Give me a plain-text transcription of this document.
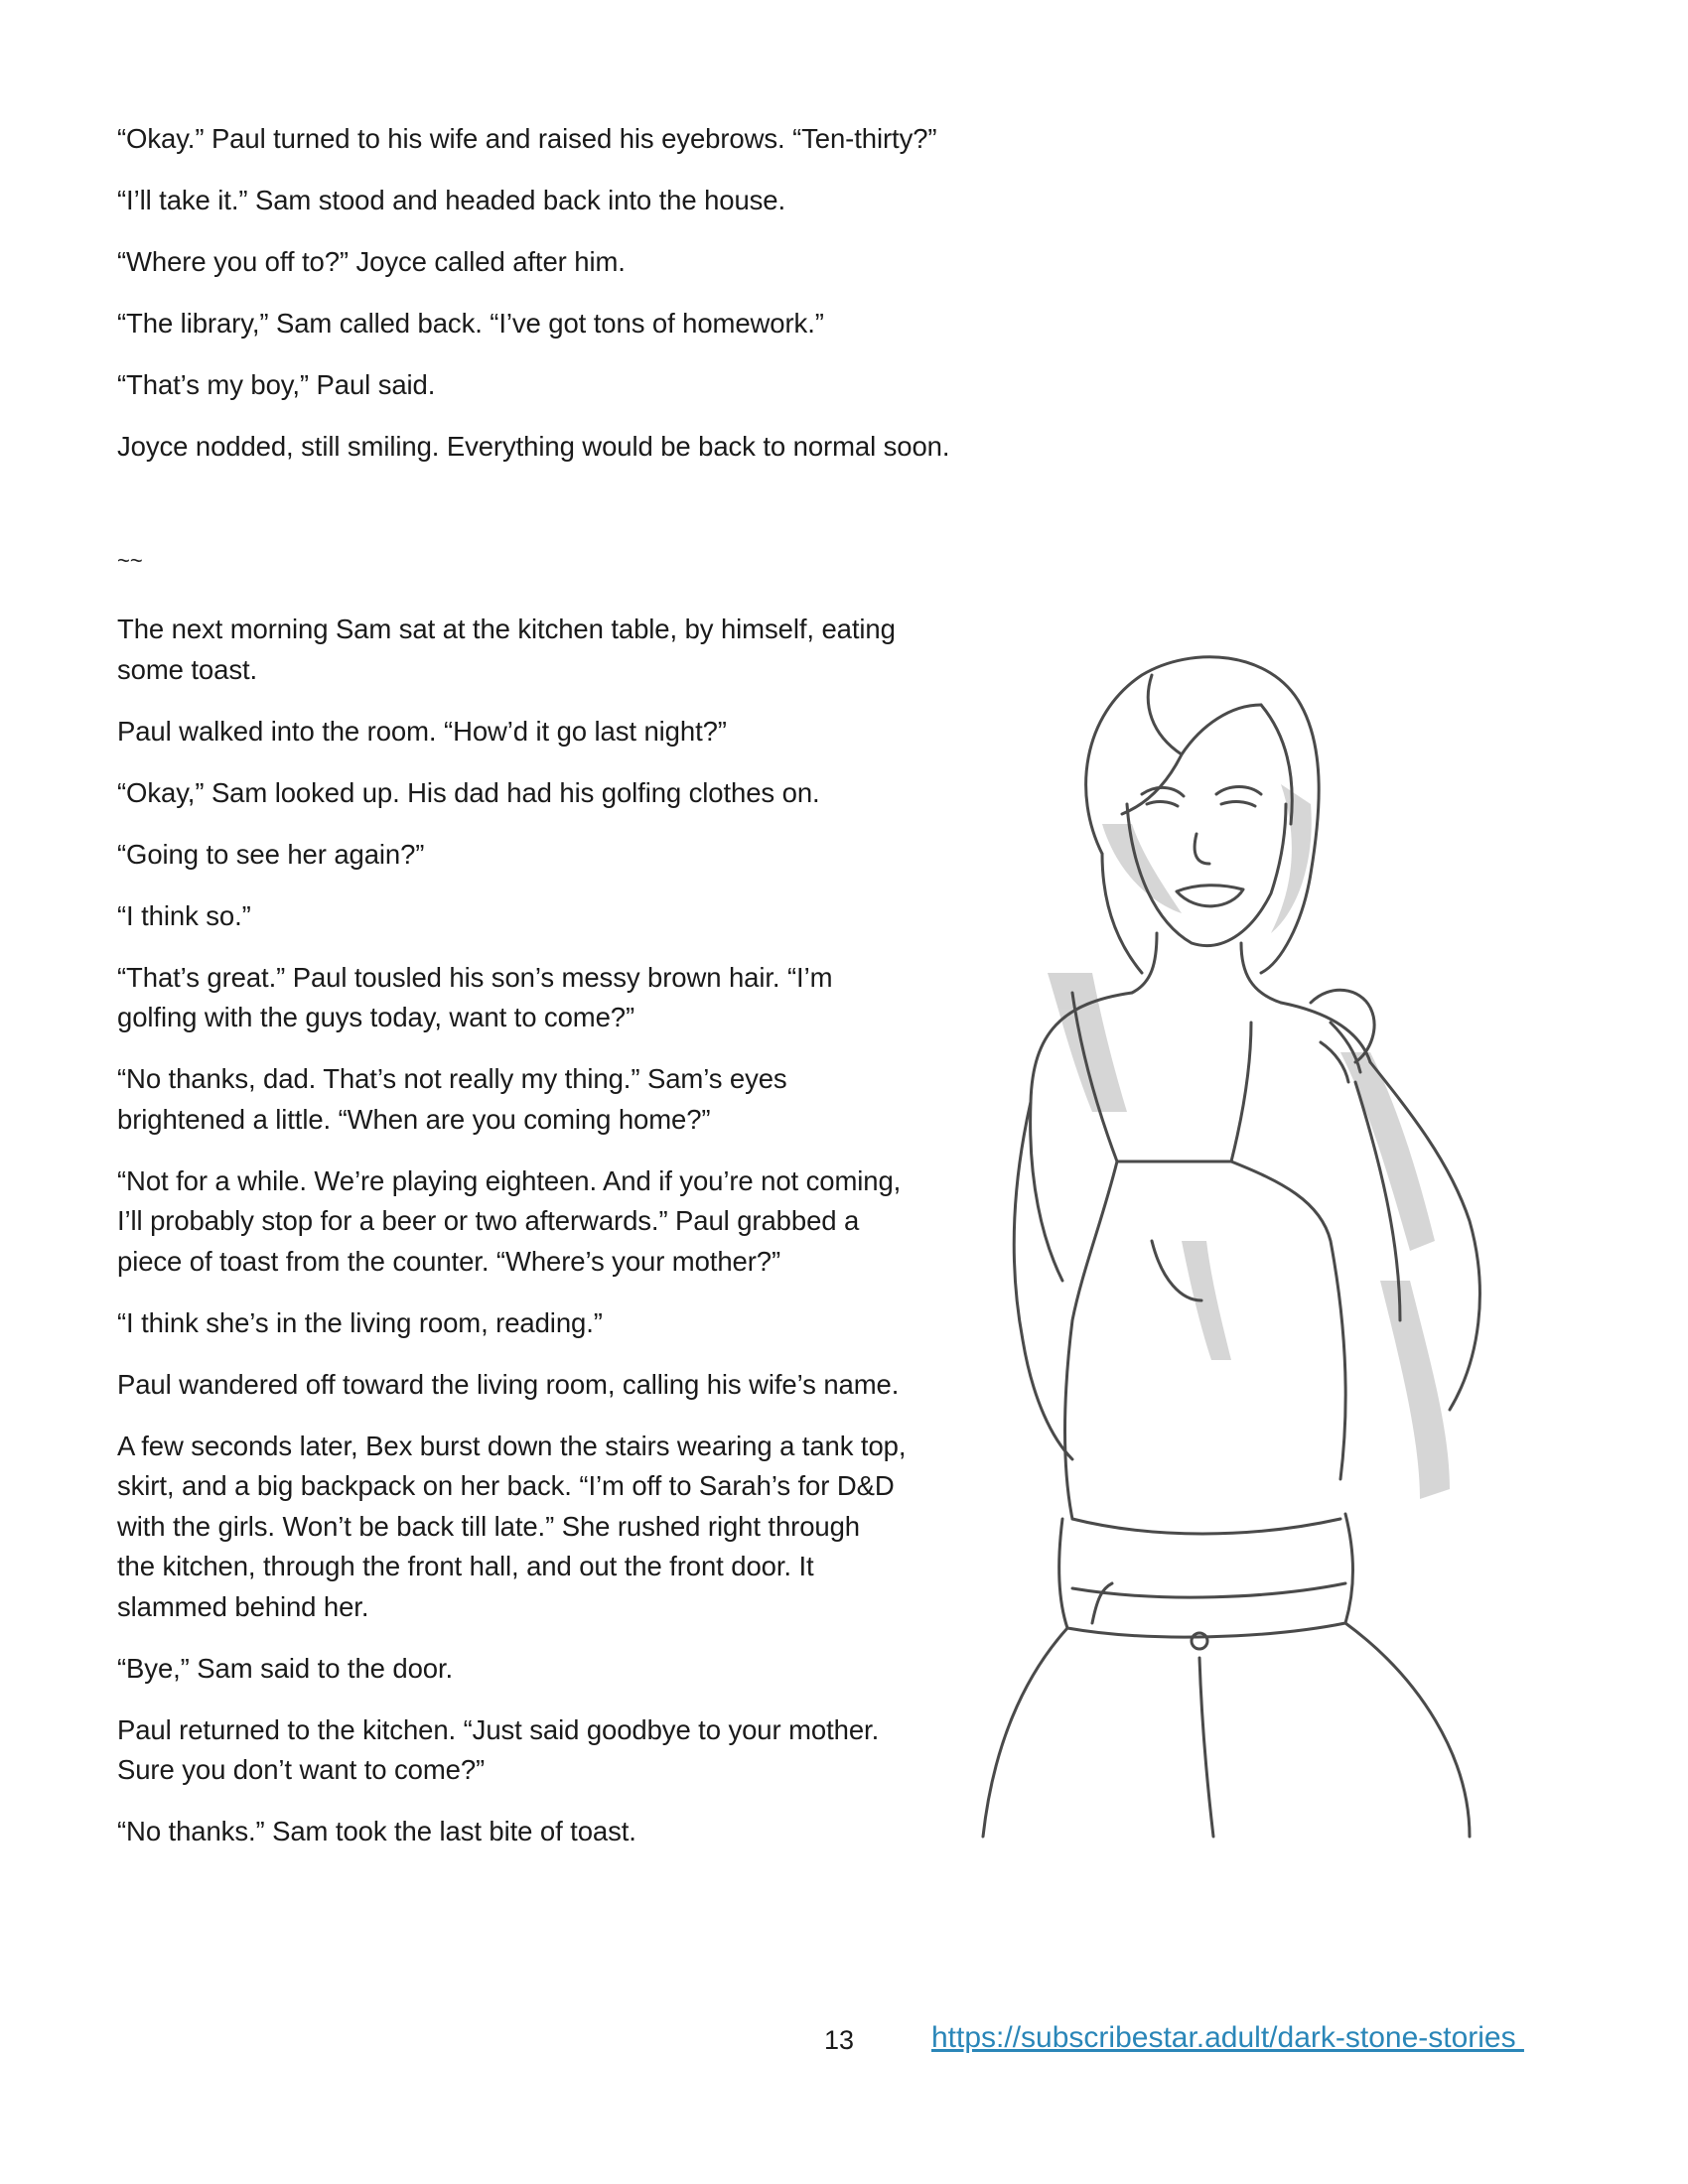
“Okay.” Paul turned to his wife and raised his eyebrows. “Ten-thirty?”

“I’ll take it.” Sam stood and headed back into the house.

“Where you off to?” Joyce called after him.

“The library,” Sam called back. “I’ve got tons of homework.”

“That’s my boy,” Paul said.

Joyce nodded, still smiling. Everything would be back to normal soon.

~~

The next morning Sam sat at the kitchen table, by himself, eating
some toast.

Paul walked into the room. “How’d it go last night?”

“Okay,” Sam looked up. His dad had his golfing clothes on.

“Going to see her again?”

“I think so.”

“That’s great.” Paul tousled his son’s messy brown hair. “I’m
golfing with the guys today, want to come?”

“No thanks, dad. That’s not really my thing.” Sam’s eyes
brightened a little. “When are you coming home?”

“Not for a while. We’re playing eighteen. And if you’re not coming,
I’ll probably stop for a beer or two afterwards.” Paul grabbed a
piece of toast from the counter. “Where’s your mother?”

“I think she’s in the living room, reading.”

Paul wandered off toward the living room, calling his wife’s name.

A few seconds later, Bex burst down the stairs wearing a tank top,
skirt, and a big backpack on her back. “I’m off to Sarah’s for D&D
with the girls. Won’t be back till late.” She rushed right through
the kitchen, through the front hall, and out the front door. It
slammed behind her.

“Bye,” Sam said to the door.

Paul returned to the kitchen. “Just said goodbye to your mother.
Sure you don’t want to come?”

“No thanks.” Sam took the last bite of toast.

13	https://subscribestar.adult/dark-stone-stories
